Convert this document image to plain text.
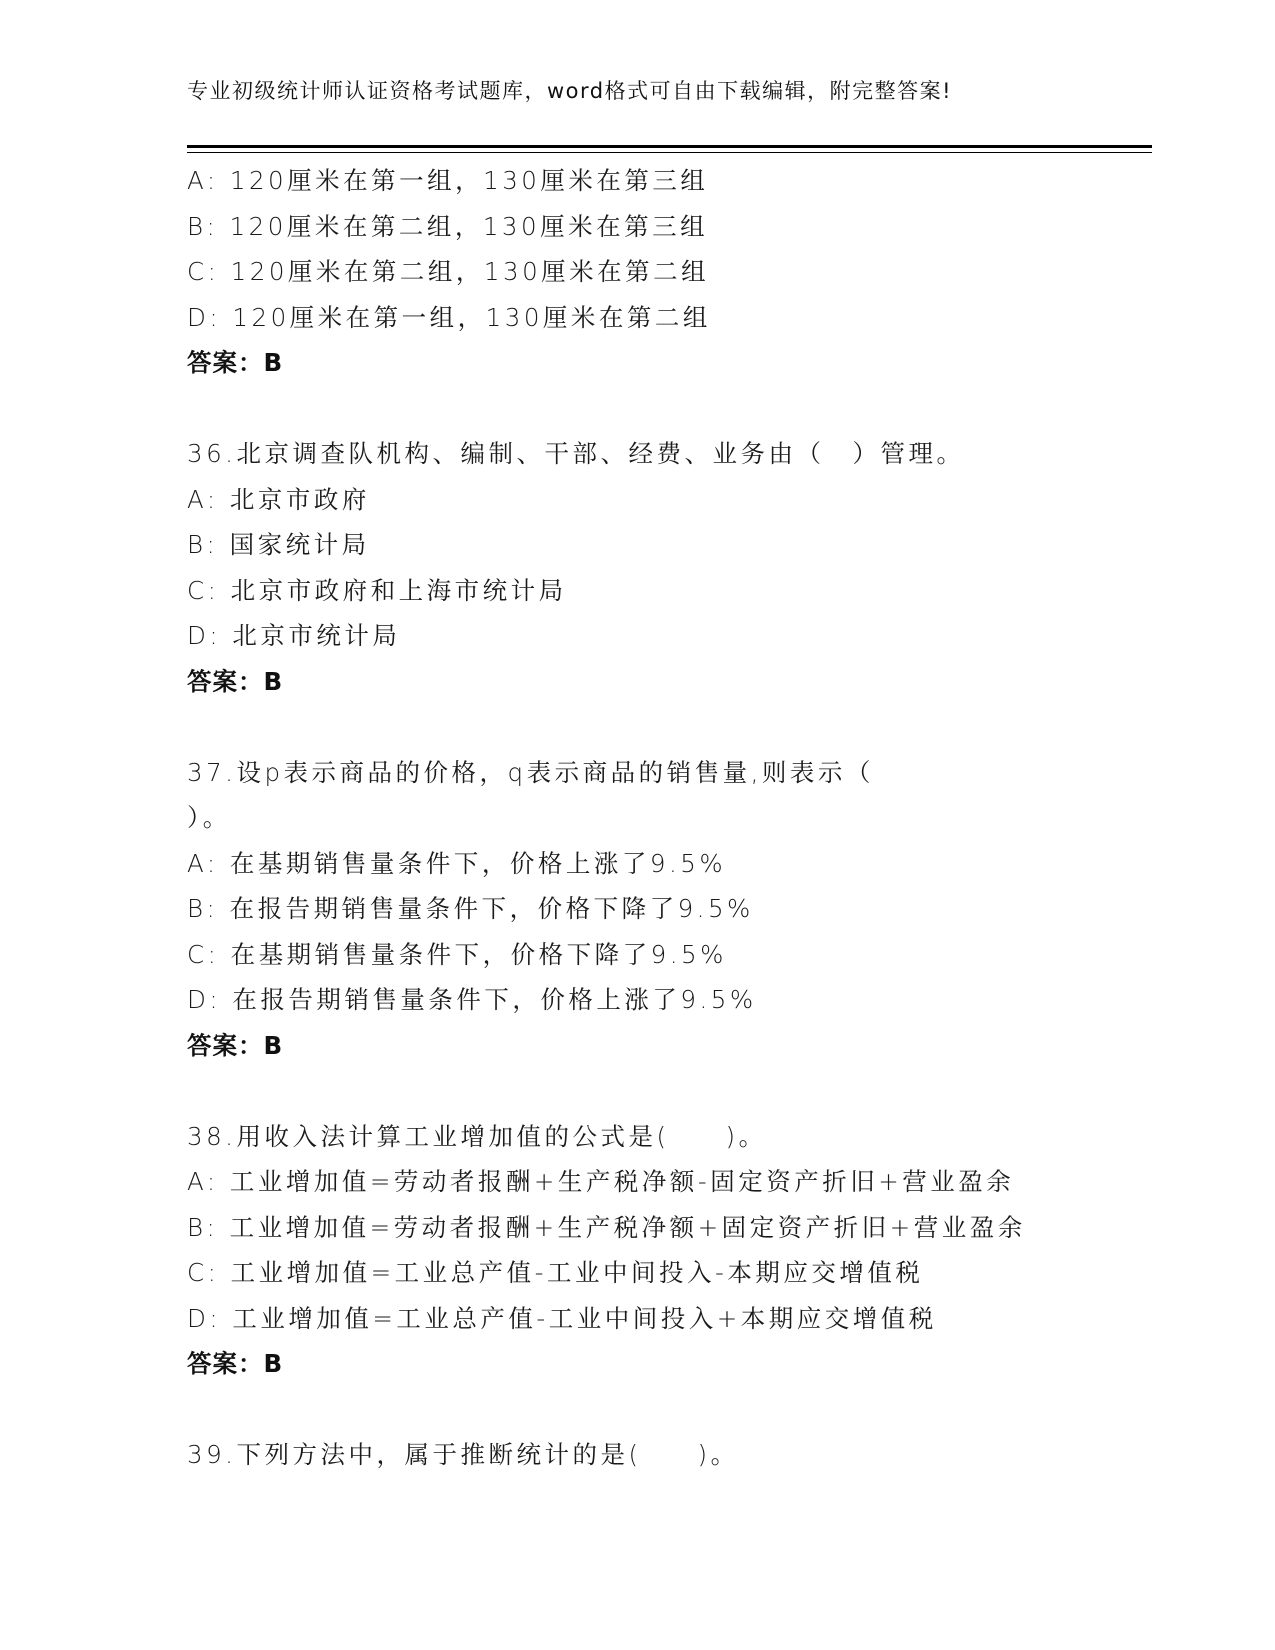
专业初级统计师认证资格考试题库，word格式可自由下载编辑，附完整答案!
A: 120厘米在第一组，130厘米在第三组
B: 120厘米在第二组，130厘米在第三组
C: 120厘米在第二组，130厘米在第二组
D: 120厘米在第一组，130厘米在第二组
答案：B
36.北京调查队机构、编制、干部、经费、业务由（　）管理。
A: 北京市政府
B: 国家统计局
C: 北京市政府和上海市统计局
D: 北京市统计局
答案：B
37.设p表示商品的价格，q表示商品的销售量,则表示（
）。
A: 在基期销售量条件下，价格上涨了9.5%
B: 在报告期销售量条件下，价格下降了9.5%
C: 在基期销售量条件下，价格下降了9.5%
D: 在报告期销售量条件下，价格上涨了9.5%
答案：B
38.用收入法计算工业增加值的公式是(　　)。
A: 工业增加值=劳动者报酬+生产税净额-固定资产折旧+营业盈余
B: 工业增加值=劳动者报酬+生产税净额+固定资产折旧+营业盈余
C: 工业增加值=工业总产值-工业中间投入-本期应交增值税
D: 工业增加值=工业总产值-工业中间投入+本期应交增值税
答案：B
39.下列方法中，属于推断统计的是(　　)。
